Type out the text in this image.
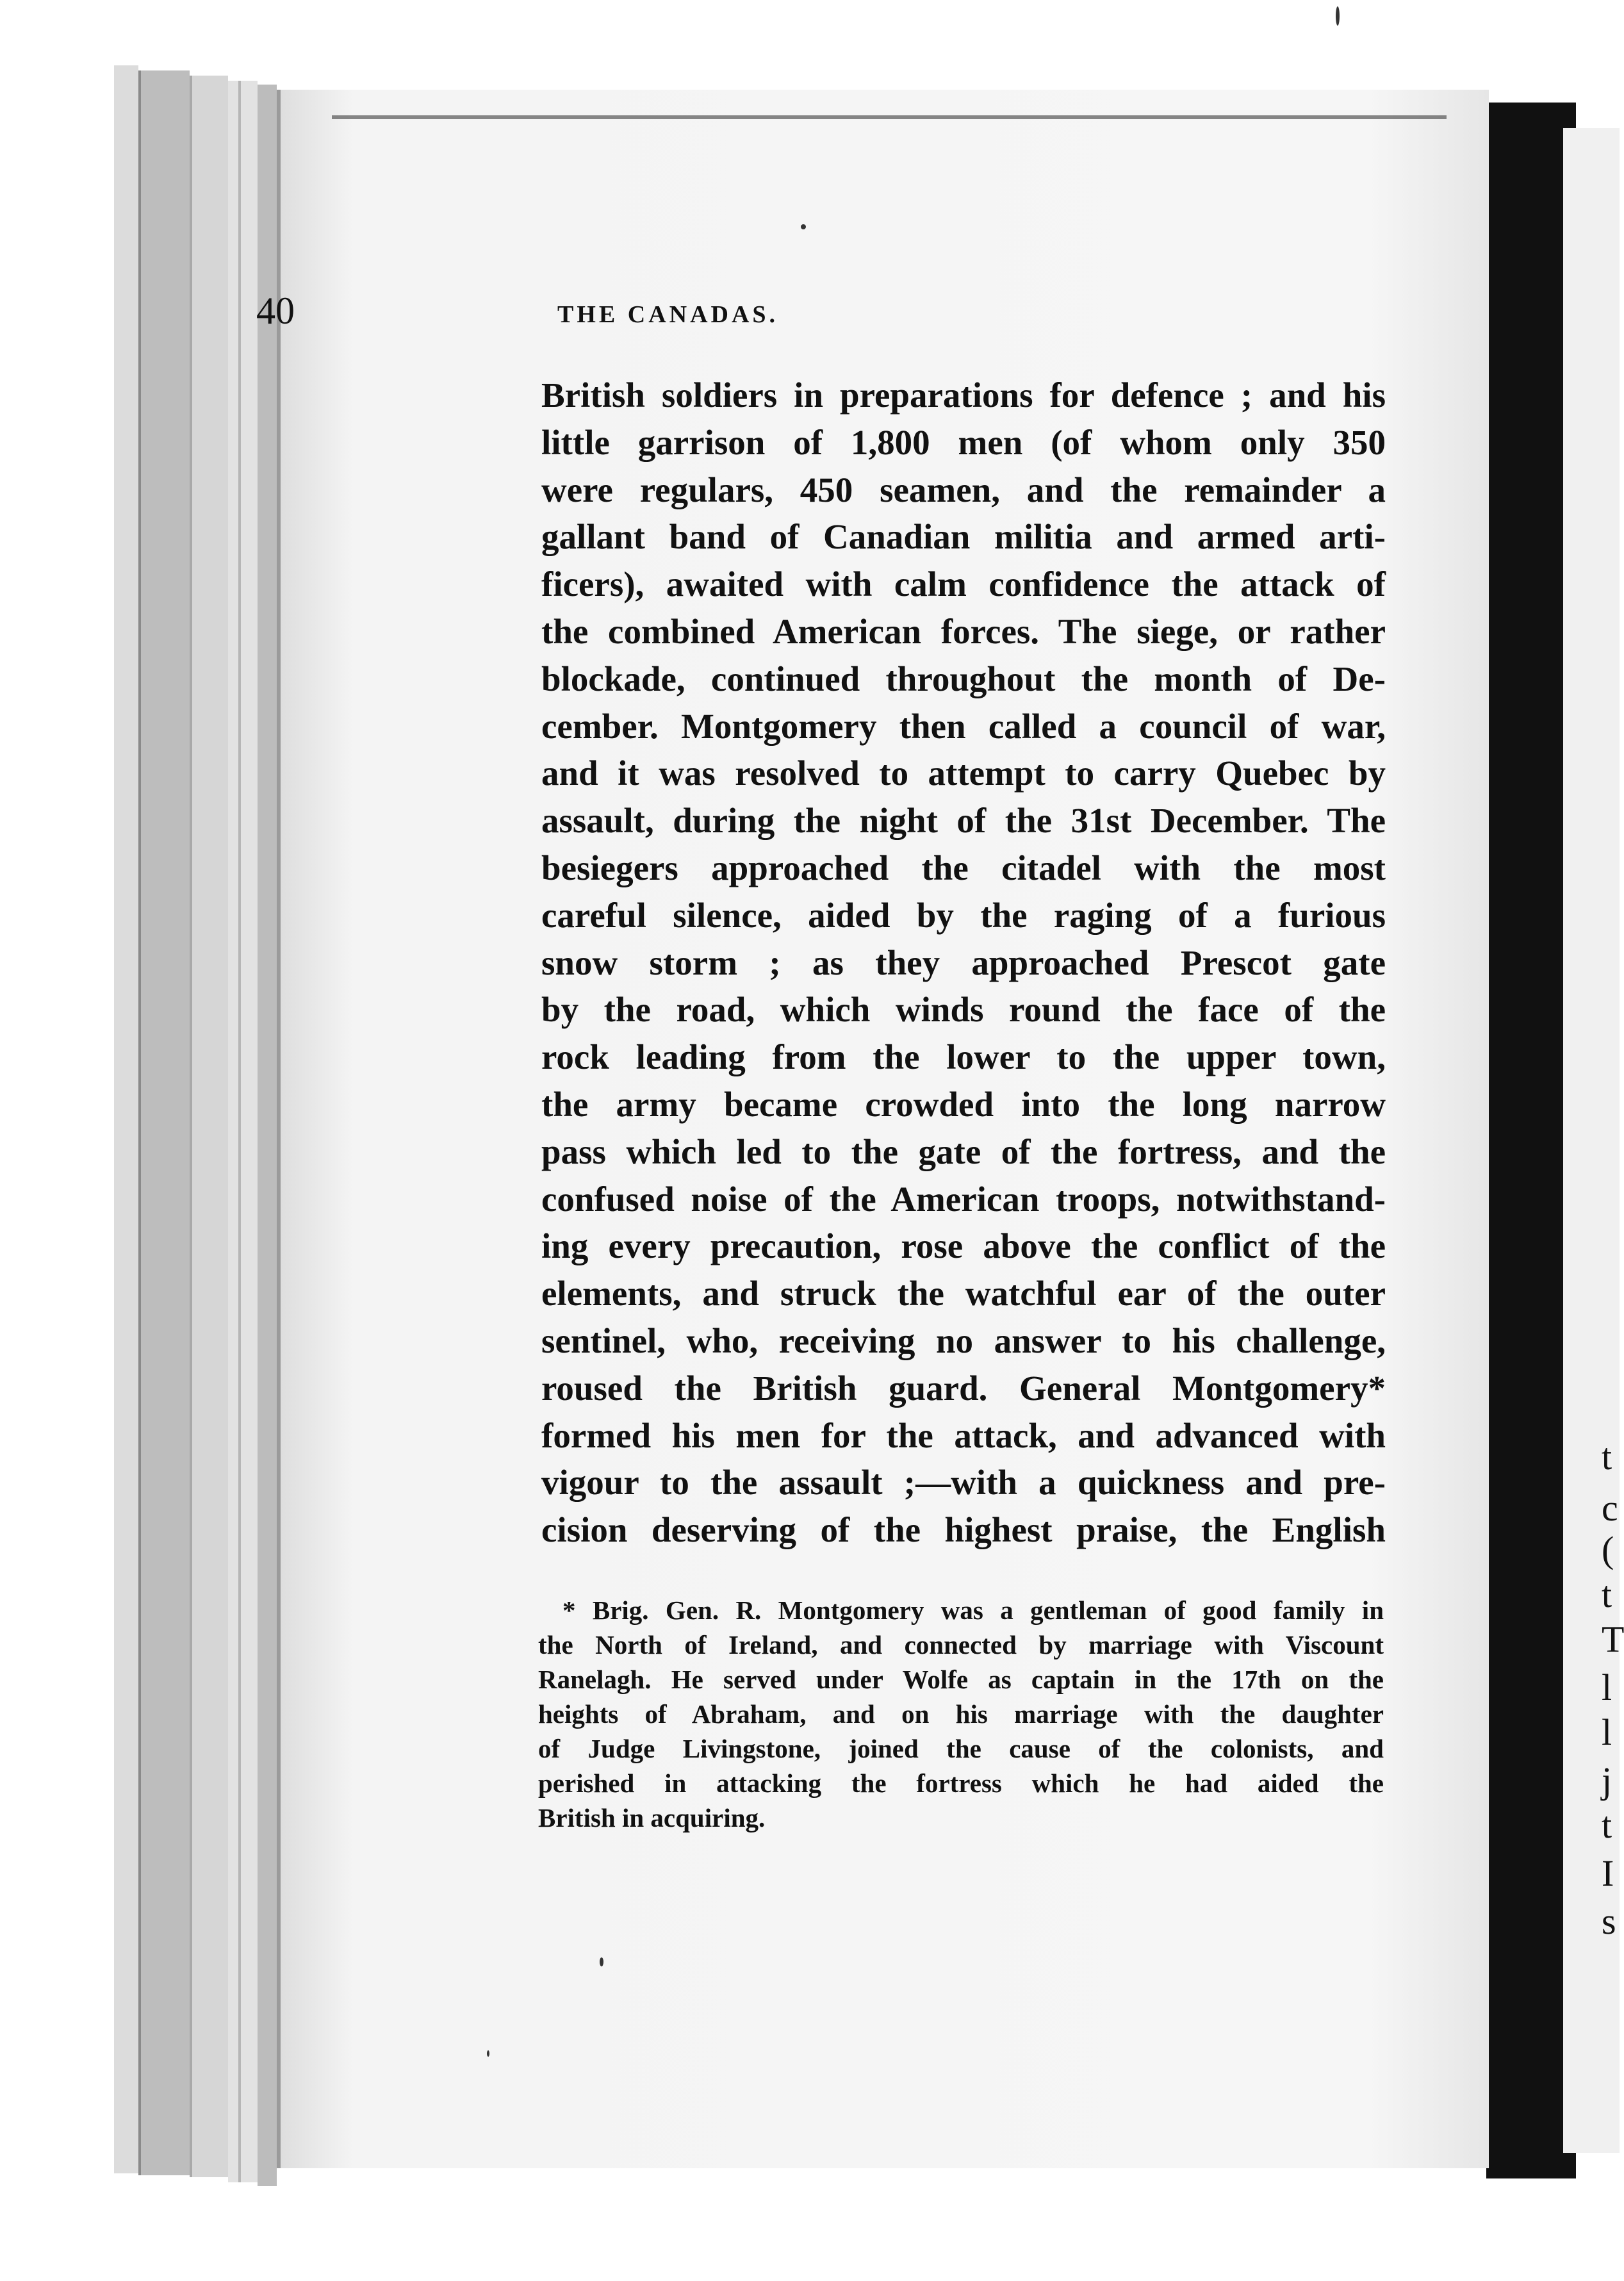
t
c
(
t
T
l
l
j
t
I
s
40	THE CANADAS.
British soldiers in preparations for defence ; and his
little garrison of 1,800 men (of whom only 350
were regulars, 450 seamen, and the remainder a
gallant band of Canadian militia and armed arti-
ficers), awaited with calm confidence the attack of
the combined American forces. The siege, or rather
blockade, continued throughout the month of De-
cember. Montgomery then called a council of war,
and it was resolved to attempt to carry Quebec by
assault, during the night of the 31st December. The
besiegers approached the citadel with the most
careful silence, aided by the raging of a furious
snow storm ; as they approached Prescot gate
by the road, which winds round the face of the
rock leading from the lower to the upper town,
the army became crowded into the long narrow
pass which led to the gate of the fortress, and the
confused noise of the American troops, notwithstand-
ing every precaution, rose above the conflict of the
elements, and struck the watchful ear of the outer
sentinel, who, receiving no answer to his challenge,
roused the British guard. General Montgomery*
formed his men for the attack, and advanced with
vigour to the assault ;—with a quickness and pre-
cision deserving of the highest praise, the English
* Brig. Gen. R. Montgomery was a gentleman of good family in
the North of Ireland, and connected by marriage with Viscount
Ranelagh. He served under Wolfe as captain in the 17th on the
heights of Abraham, and on his marriage with the daughter
of Judge Livingstone, joined the cause of the colonists, and
perished in attacking the fortress which he had aided the
British in acquiring.
